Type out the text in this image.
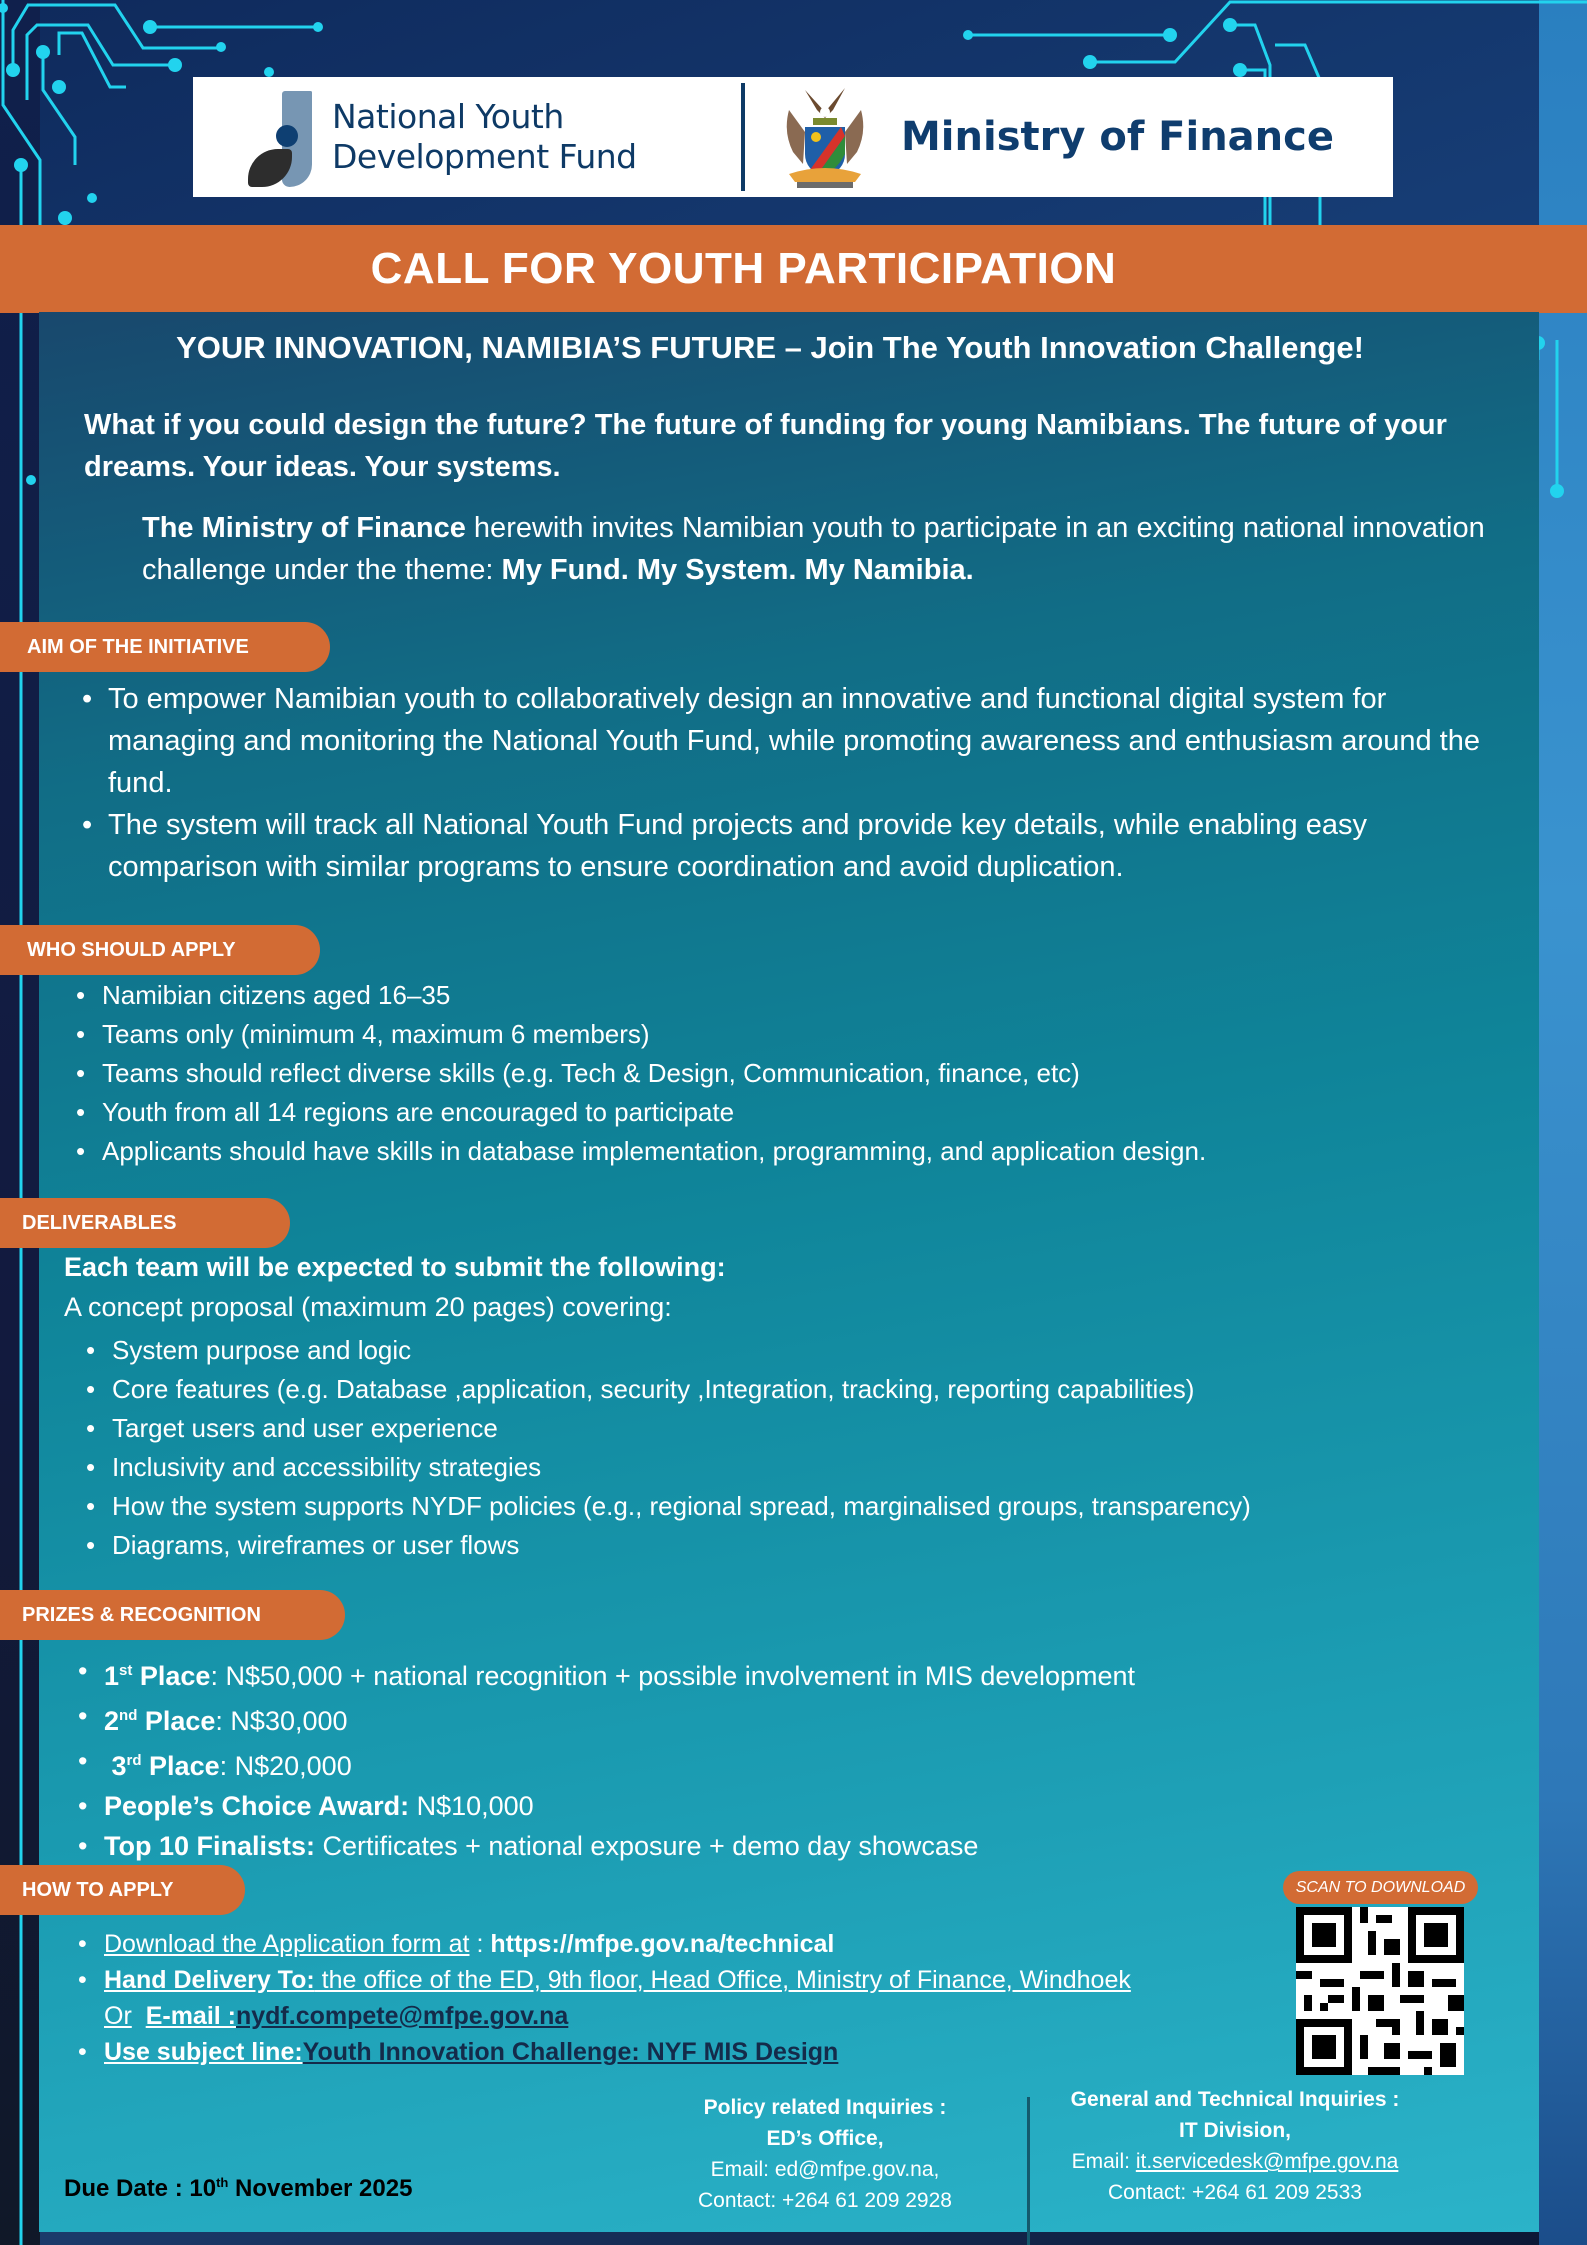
National Youth
Development Fund	Ministry of Finance
CALL FOR YOUTH PARTICIPATION
YOUR INNOVATION, NAMIBIA’S FUTURE – Join The Youth Innovation Challenge!
What if you could design the future? The future of funding for young Namibians. The future of your dreams. Your ideas. Your systems.
The Ministry of Finance herewith invites Namibian youth to participate in an exciting national innovation challenge under the theme: My Fund. My System. My Namibia.
AIM OF THE INITIATIVE
• To empower Namibian youth to collaboratively design an innovative and functional digital system for managing and monitoring the National Youth Fund, while promoting awareness and enthusiasm around the fund.
• The system will track all National Youth Fund projects and provide key details, while enabling easy comparison with similar programs to ensure coordination and avoid duplication.
WHO SHOULD APPLY
• Namibian citizens aged 16–35
• Teams only (minimum 4, maximum 6 members)
• Teams should reflect diverse skills (e.g. Tech & Design, Communication, finance, etc)
• Youth from all 14 regions are encouraged to participate
• Applicants should have skills in database implementation, programming, and application design.
DELIVERABLES
Each team will be expected to submit the following:
A concept proposal (maximum 20 pages) covering:
• System purpose and logic
• Core features (e.g. Database ,application, security ,Integration, tracking, reporting capabilities)
• Target users and user experience
• Inclusivity and accessibility strategies
• How the system supports NYDF policies (e.g., regional spread, marginalised groups, transparency)
• Diagrams, wireframes or user flows
PRIZES & RECOGNITION
• 1st Place: N$50,000 + national recognition + possible involvement in MIS development
• 2nd Place: N$30,000
•  3rd Place: N$20,000
• People’s Choice Award: N$10,000
• Top 10 Finalists: Certificates + national exposure + demo day showcase
HOW TO APPLY
• Download the Application form at : https://mfpe.gov.na/technical
• Hand Delivery To: the office of the ED, 9th floor, Head Office, Ministry of Finance, Windhoek
Or E-mail :nydf.compete@mfpe.gov.na
• Use subject line:Youth Innovation Challenge: NYF MIS Design
SCAN TO DOWNLOAD
Due Date : 10th November 2025
Policy related Inquiries :
ED’s Office,
Email: ed@mfpe.gov.na,
Contact: +264 61 209 2928
General and Technical Inquiries :
IT Division,
Email: it.servicedesk@mfpe.gov.na
Contact: +264 61 209 2533
